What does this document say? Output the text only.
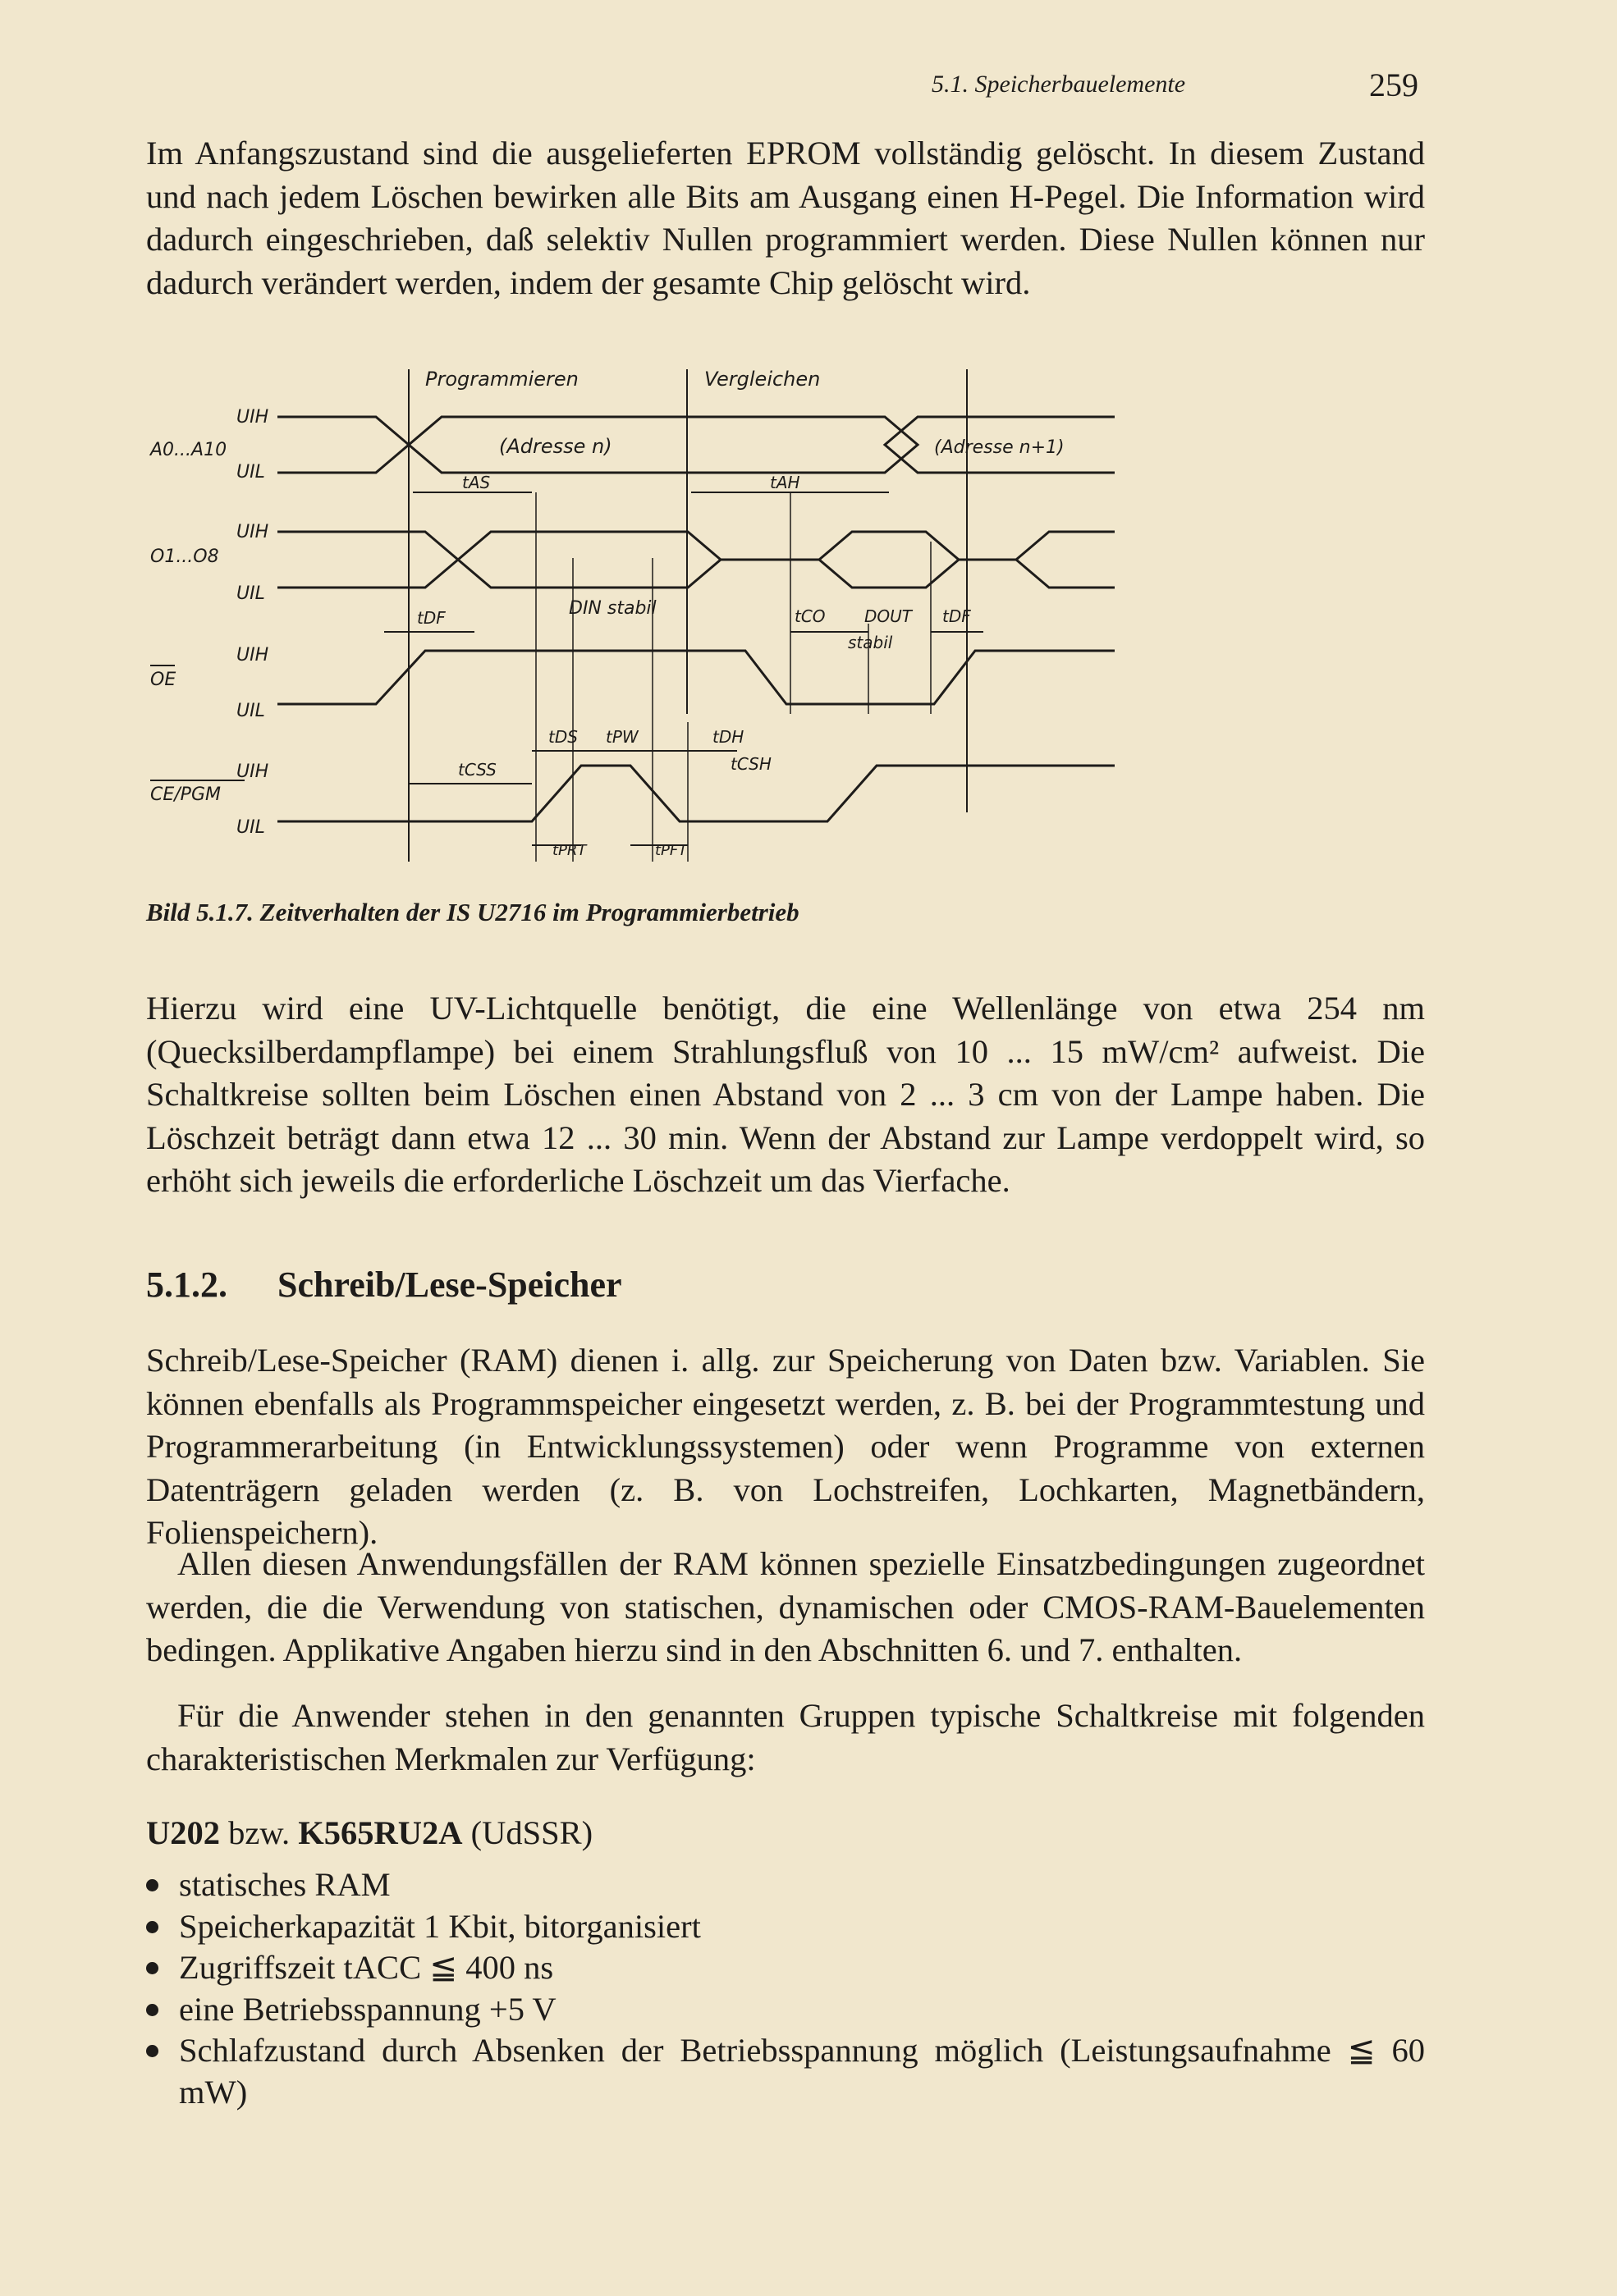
5.1. Speicherbauelemente	259

Im Anfangszustand sind die ausgelieferten EPROM vollständig gelöscht. In diesem Zustand und nach jedem Löschen bewirken alle Bits am Ausgang einen H-Pegel. Die Information wird dadurch eingeschrieben, daß selektiv Nullen programmiert werden. Diese Nullen können nur dadurch verändert werden, indem der gesamte Chip gelöscht wird.

Programmieren	Vergleichen
A0...A10
O1...O8
OE
CE/PGM
UIH
UIL
UIH
UIL
UIH
UIL
UIH
UIL
(Adresse n)	(Adresse n+1)
tAS	tAH
DIN stabil
tDF	tCO DOUT
stabil
tDF
tCSS
tDS tPW	tDH
tCSH
tPRT	tPFT
Bild 5.1.7. Zeitverhalten der IS U2716 im Programmierbetrieb

Hierzu wird eine UV-Lichtquelle benötigt, die eine Wellenlänge von etwa 254 nm (Quecksilberdampflampe) bei einem Strahlungsfluß von 10 ... 15 mW/cm² aufweist. Die Schaltkreise sollten beim Löschen einen Abstand von 2 ... 3 cm von der Lampe haben. Die Löschzeit beträgt dann etwa 12 ... 30 min. Wenn der Abstand zur Lampe verdoppelt wird, so erhöht sich jeweils die erforderliche Löschzeit um das Vierfache.

5.1.2. Schreib/Lese-Speicher

Schreib/Lese-Speicher (RAM) dienen i. allg. zur Speicherung von Daten bzw. Variablen. Sie können ebenfalls als Programmspeicher eingesetzt werden, z. B. bei der Programmtestung und Programmerarbeitung (in Entwicklungssystemen) oder wenn Programme von externen Datenträgern geladen werden (z. B. von Lochstreifen, Lochkarten, Magnetbändern, Folienspeichern).

Allen diesen Anwendungsfällen der RAM können spezielle Einsatzbedingungen zugeordnet werden, die die Verwendung von statischen, dynamischen oder CMOS-RAM-Bauelementen bedingen. Applikative Angaben hierzu sind in den Abschnitten 6. und 7. enthalten.

Für die Anwender stehen in den genannten Gruppen typische Schaltkreise mit folgenden charakteristischen Merkmalen zur Verfügung:

U202 bzw. K565RU2A (UdSSR)
statisches RAM
Speicherkapazität 1 Kbit, bitorganisiert
Zugriffszeit tACC ≦ 400 ns
eine Betriebsspannung +5 V
Schlafzustand durch Absenken der Betriebsspannung möglich (Leistungsaufnahme ≦ 60 mW)
